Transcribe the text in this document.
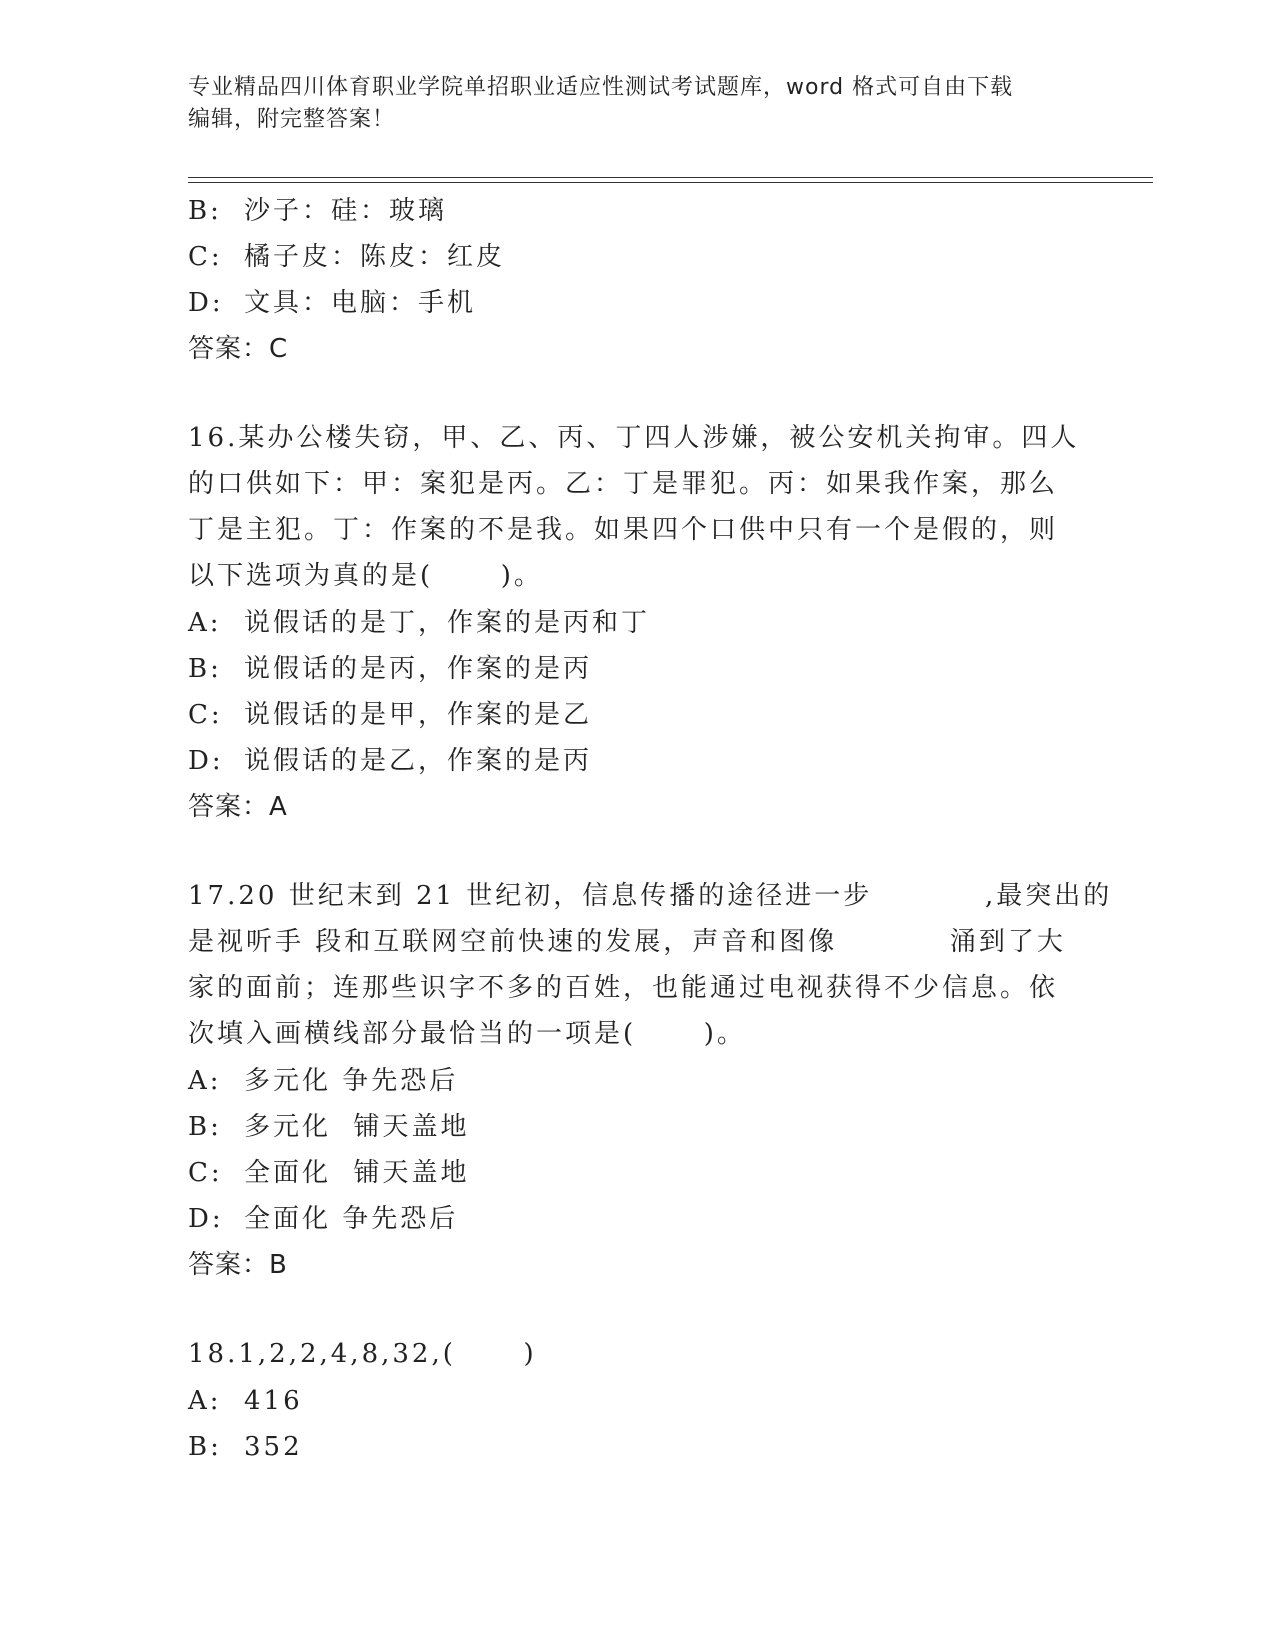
专业精品四川体育职业学院单招职业适应性测试考试题库，word 格式可自由下载
编辑，附完整答案！
B: 沙子：硅：玻璃
C: 橘子皮：陈皮：红皮
D: 文具：电脑：手机
答案：C
16.某办公楼失窃，甲、乙、丙、丁四人涉嫌，被公安机关拘审。四人
的口供如下：甲：案犯是丙。乙：丁是罪犯。丙：如果我作案，那么
丁是主犯。丁：作案的不是我。如果四个口供中只有一个是假的，则
以下选项为真的是(      )。
A: 说假话的是丁，作案的是丙和丁
B: 说假话的是丙，作案的是丙
C: 说假话的是甲，作案的是乙
D: 说假话的是乙，作案的是丙
答案：A
17.20 世纪末到 21 世纪初，信息传播的途径进一步          ,最突出的
是视听手 段和互联网空前快速的发展，声音和图像          涌到了大
家的面前；连那些识字不多的百姓，也能通过电视获得不少信息。依
次填入画横线部分最恰当的一项是(      )。
A: 多元化 争先恐后
B: 多元化  铺天盖地
C: 全面化  铺天盖地
D: 全面化 争先恐后
答案：B
18.1,2,2,4,8,32,(      )
A: 416
B: 352
